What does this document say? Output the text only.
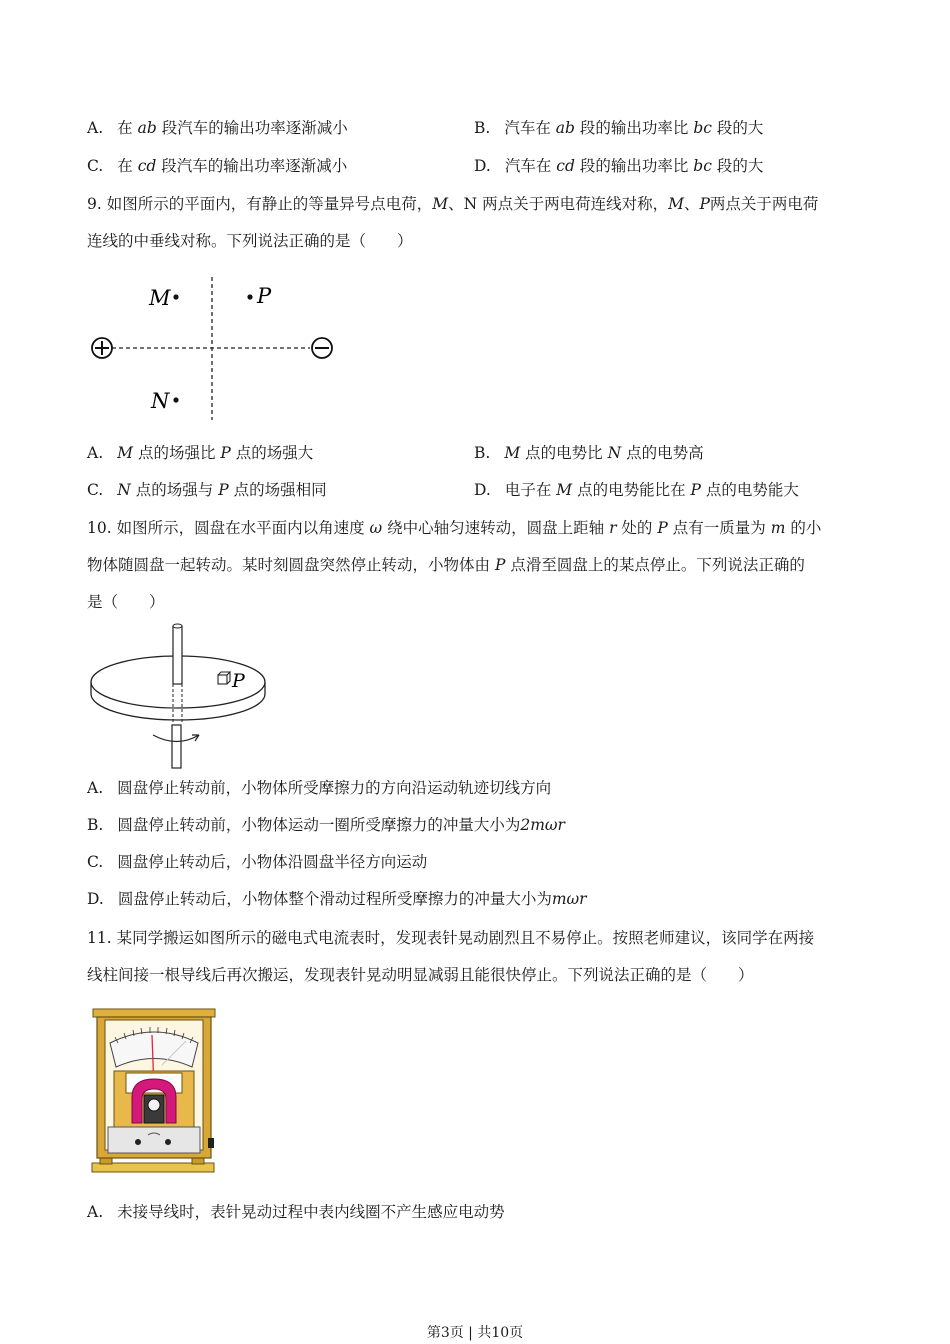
A. 在 ab 段汽车的输出功率逐渐减小	B. 汽车在 ab 段的输出功率比 bc 段的大
C. 在 cd 段汽车的输出功率逐渐减小	D. 汽车在 cd 段的输出功率比 bc 段的大
9. 如图所示的平面内，有静止的等量异号点电荷，M、N 两点关于两电荷连线对称，M、P两点关于两电荷
连线的中垂线对称。下列说法正确的是（　　）
M	P
N
A. M 点的场强比 P 点的场强大	B. M 点的电势比 N 点的电势高
C. N 点的场强与 P 点的场强相同	D. 电子在 M 点的电势能比在 P 点的电势能大
10. 如图所示，圆盘在水平面内以角速度 ω 绕中心轴匀速转动，圆盘上距轴 r 处的 P 点有一质量为 m 的小
物体随圆盘一起转动。某时刻圆盘突然停止转动，小物体由 P 点滑至圆盘上的某点停止。下列说法正确的
是（　　）
P
A. 圆盘停止转动前，小物体所受摩擦力的方向沿运动轨迹切线方向
B. 圆盘停止转动前，小物体运动一圈所受摩擦力的冲量大小为2mωr
C. 圆盘停止转动后，小物体沿圆盘半径方向运动
D. 圆盘停止转动后，小物体整个滑动过程所受摩擦力的冲量大小为mωr
11. 某同学搬运如图所示的磁电式电流表时，发现表针晃动剧烈且不易停止。按照老师建议，该同学在两接
线柱间接一根导线后再次搬运，发现表针晃动明显减弱且能很快停止。下列说法正确的是（　　）
A. 未接导线时，表针晃动过程中表内线圈不产生感应电动势
第3页 | 共10页
